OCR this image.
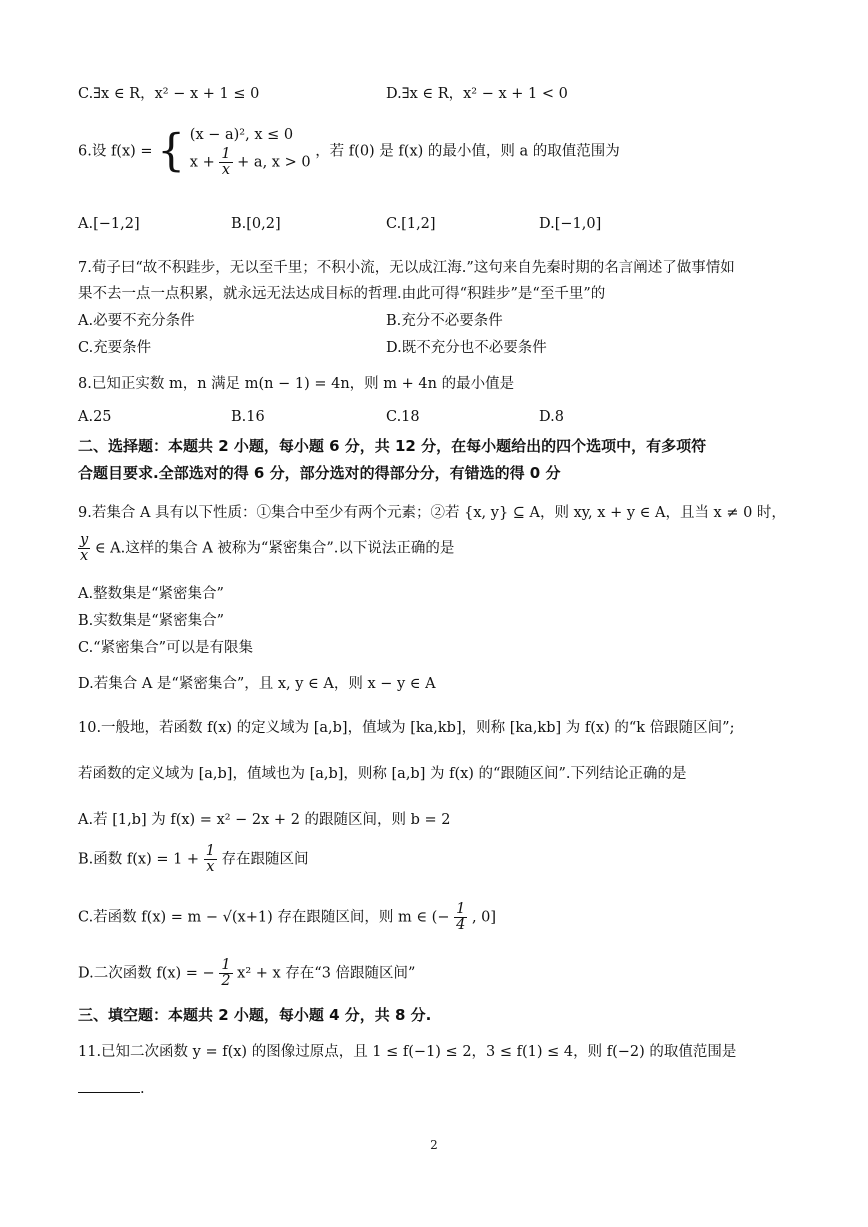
C.∃x ∈ R，x² − x + 1 ≤ 0	D.∃x ∈ R，x² − x + 1 < 0
6.设 f(x) = { (x − a)², x ≤ 0
$x + \frac{1}{x} + a$, x > 0
，若 f(0) 是 f(x) 的最小值，则 a 的取值范围为
A.[−1,2]	B.[0,2]	C.[1,2]	D.[−1,0]
7.荀子曰“故不积跬步，无以至千里；不积小流，无以成江海.”这句来自先秦时期的名言阐述了做事情如
果不去一点一点积累，就永远无法达成目标的哲理.由此可得“积跬步”是“至千里”的
A.必要不充分条件	B.充分不必要条件
C.充要条件	D.既不充分也不必要条件
8.已知正实数 m，n 满足 m(n − 1) = 4n，则 m + 4n 的最小值是
A.25	B.16	C.18	D.8
二、选择题：本题共 2 小题，每小题 6 分，共 12 分，在每小题给出的四个选项中，有多项符
合题目要求.全部选对的得 6 分，部分选对的得部分分，有错选的得 0 分
9.若集合 A 具有以下性质：①集合中至少有两个元素；②若 {x, y} ⊆ A，则 xy, x + y ∈ A，且当 x ≠ 0 时，
$\frac{y}{x}$ ∈ A.这样的集合 A 被称为“紧密集合”.以下说法正确的是
A.整数集是“紧密集合”
B.实数集是“紧密集合”
C.“紧密集合”可以是有限集
D.若集合 A 是“紧密集合”，且 x, y ∈ A，则 x − y ∈ A
10.一般地，若函数 f(x) 的定义域为 [a,b]，值域为 [ka,kb]，则称 [ka,kb] 为 f(x) 的“k 倍跟随区间”;
若函数的定义域为 [a,b]，值域也为 [a,b]，则称 [a,b] 为 f(x) 的“跟随区间”.下列结论正确的是
A.若 [1,b] 为 f(x) = x² − 2x + 2 的跟随区间，则 b = 2
B.函数 $f(x) = 1 + \frac{1}{x}$ 存在跟随区间
C.若函数 f(x) = m − √(x+1) 存在跟随区间，则 m ∈ (− $\frac{1}{4}$ , 0]
D.二次函数 f(x) = − $\frac{1}{2} x^2 + x$ 存在“3 倍跟随区间”
三、填空题：本题共 2 小题，每小题 4 分，共 8 分.
11.已知二次函数 y = f(x) 的图像过原点，且 1 ≤ f(−1) ≤ 2，3 ≤ f(1) ≤ 4，则 f(−2) 的取值范围是
.
2
